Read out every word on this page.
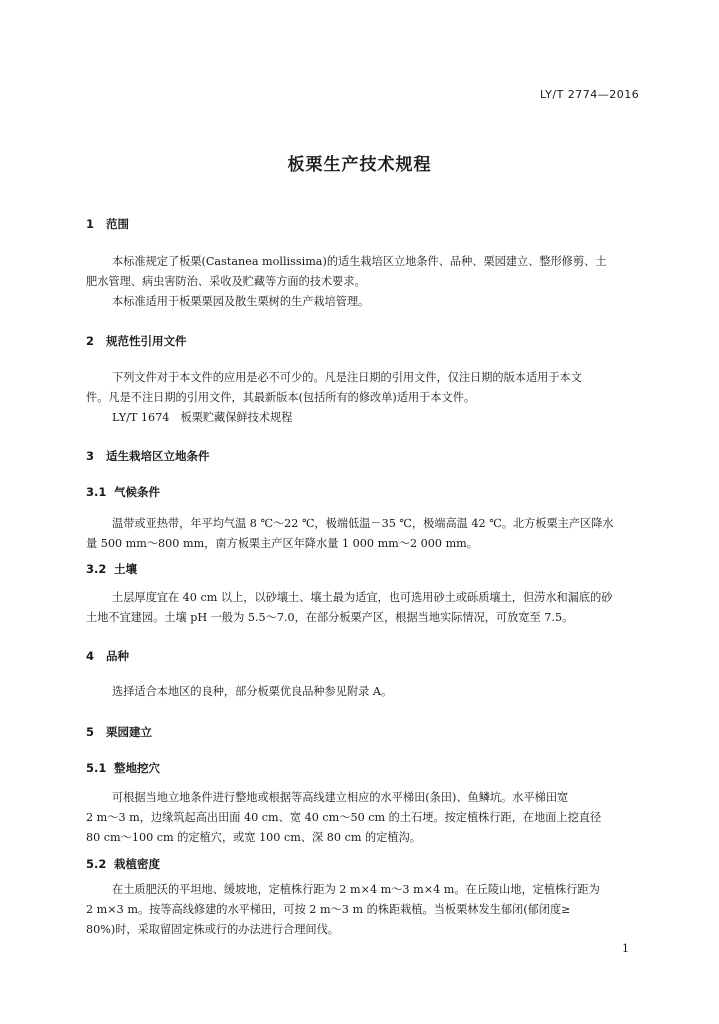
LY/T 2774—2016
板栗生产技术规程
1 范围
本标准规定了板栗(Castanea mollissima)的适生栽培区立地条件、品种、栗园建立、整形修剪、土
肥水管理、病虫害防治、采收及贮藏等方面的技术要求。
本标准适用于板栗栗园及散生栗树的生产栽培管理。
2 规范性引用文件
下列文件对于本文件的应用是必不可少的。凡是注日期的引用文件，仅注日期的版本适用于本文
件。凡是不注日期的引用文件，其最新版本(包括所有的修改单)适用于本文件。
LY/T 1674　板栗贮藏保鲜技术规程
3 适生栽培区立地条件
3.1 气候条件
温带或亚热带，年平均气温 8 ℃～22 ℃，极端低温－35 ℃，极端高温 42 ℃。北方板栗主产区降水
量 500 mm～800 mm，南方板栗主产区年降水量 1 000 mm～2 000 mm。
3.2 土壤
土层厚度宜在 40 cm 以上，以砂壤土、壤土最为适宜，也可选用砂土或砾质壤土，但涝水和漏底的砂
土地不宜建园。土壤 pH 一般为 5.5～7.0，在部分板栗产区，根据当地实际情况，可放宽至 7.5。
4 品种
选择适合本地区的良种，部分板栗优良品种参见附录 A。
5 栗园建立
5.1 整地挖穴
可根据当地立地条件进行整地或根据等高线建立相应的水平梯田(条田)、鱼鳞坑。水平梯田宽
2 m～3 m，边缘筑起高出田面 40 cm、宽 40 cm～50 cm 的土石埂。按定植株行距，在地面上挖直径
80 cm～100 cm 的定植穴，或宽 100 cm、深 80 cm 的定植沟。
5.2 栽植密度
在土质肥沃的平坦地、缓坡地，定植株行距为 2 m×4 m～3 m×4 m。在丘陵山地，定植株行距为
2 m×3 m。按等高线修建的水平梯田，可按 2 m～3 m 的株距栽植。当板栗林发生郁闭(郁闭度≥
80%)时，采取留固定株或行的办法进行合理间伐。
1
